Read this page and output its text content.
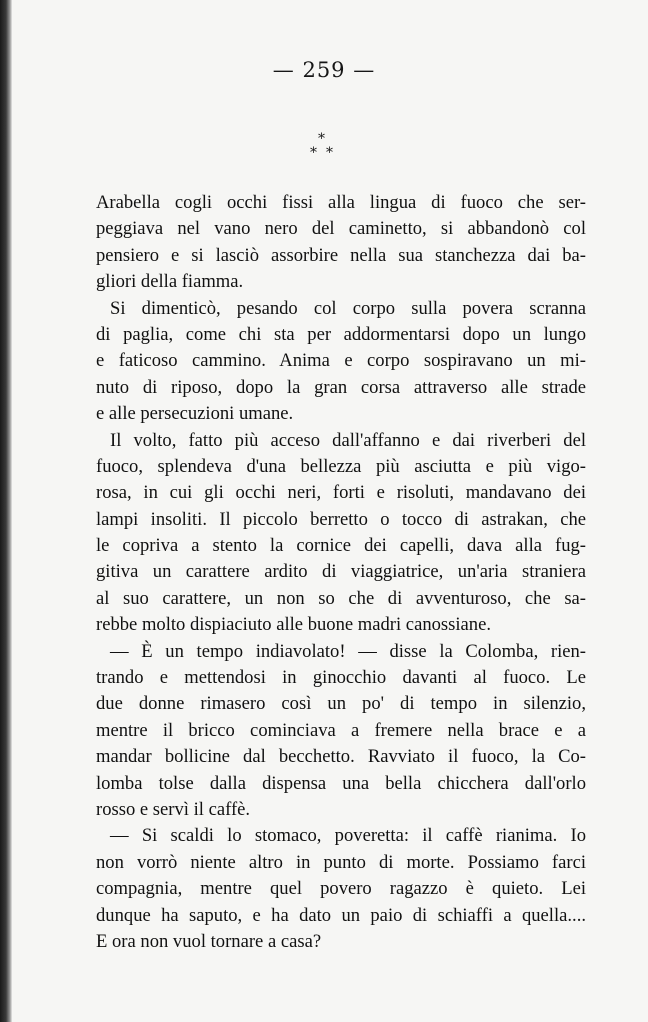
— 259 —
*
* *
Arabella cogli occhi fissi alla lingua di fuoco che ser-
peggiava nel vano nero del caminetto, si abbandonò col
pensiero e si lasciò assorbire nella sua stanchezza dai ba-
gliori della fiamma.
Si dimenticò, pesando col corpo sulla povera scranna
di paglia, come chi sta per addormentarsi dopo un lungo
e faticoso cammino. Anima e corpo sospiravano un mi-
nuto di riposo, dopo la gran corsa attraverso alle strade
e alle persecuzioni umane.
Il volto, fatto più acceso dall'affanno e dai riverberi del
fuoco, splendeva d'una bellezza più asciutta e più vigo-
rosa, in cui gli occhi neri, forti e risoluti, mandavano dei
lampi insoliti. Il piccolo berretto o tocco di astrakan, che
le copriva a stento la cornice dei capelli, dava alla fug-
gitiva un carattere ardito di viaggiatrice, un'aria straniera
al suo carattere, un non so che di avventuroso, che sa-
rebbe molto dispiaciuto alle buone madri canossiane.
— È un tempo indiavolato! — disse la Colomba, rien-
trando e mettendosi in ginocchio davanti al fuoco. Le
due donne rimasero così un po' di tempo in silenzio,
mentre il bricco cominciava a fremere nella brace e a
mandar bollicine dal becchetto. Ravviato il fuoco, la Co-
lomba tolse dalla dispensa una bella chicchera dall'orlo
rosso e servì il caffè.
— Si scaldi lo stomaco, poveretta: il caffè rianima. Io
non vorrò niente altro in punto di morte. Possiamo farci
compagnia, mentre quel povero ragazzo è quieto. Lei
dunque ha saputo, e ha dato un paio di schiaffi a quella....
E ora non vuol tornare a casa?
